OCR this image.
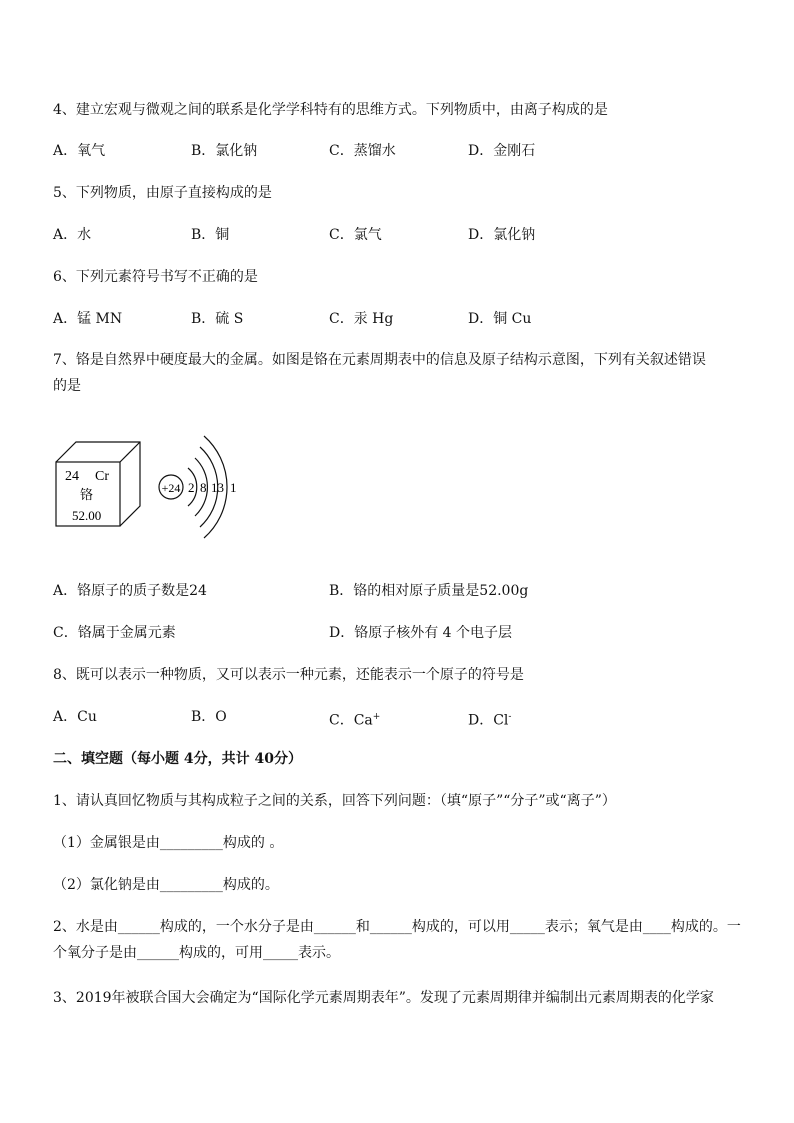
4、建立宏观与微观之间的联系是化学学科特有的思维方式。下列物质中，由离子构成的是
A．氧气	B．氯化钠	C．蒸馏水	D．金刚石
5、下列物质，由原子直接构成的是
A．水	B．铜	C．氯气	D．氯化钠
6、下列元素符号书写不正确的是
A．锰 MN	B．硫 S	C．汞 Hg	D．铜 Cu
7、铬是自然界中硬度最大的金属。如图是铬在元素周期表中的信息及原子结构示意图，下列有关叙述错误
的是
24 Cr
铬
52.00
+24 2 8 13 1
A．铬原子的质子数是24	B．铬的相对原子质量是52.00g
C．铬属于金属元素	D．铬原子核外有 4 个电子层
8、既可以表示一种物质，又可以表示一种元素，还能表示一个原子的符号是
A．Cu	B．O	C．Ca+	D．Cl-
二、填空题（每小题 4分，共计 40分）
1、请认真回忆物质与其构成粒子之间的关系，回答下列问题：（填“原子”“分子”或“离子”）
（1）金属银是由_________构成的 。
（2）氯化钠是由_________构成的。
2、水是由______构成的，一个水分子是由______和______构成的，可以用_____表示；氧气是由____构成的。一个氧分子是由______构成的，可用_____表示。
3、2019年被联合国大会确定为“国际化学元素周期表年”。发现了元素周期律并编制出元素周期表的化学家
